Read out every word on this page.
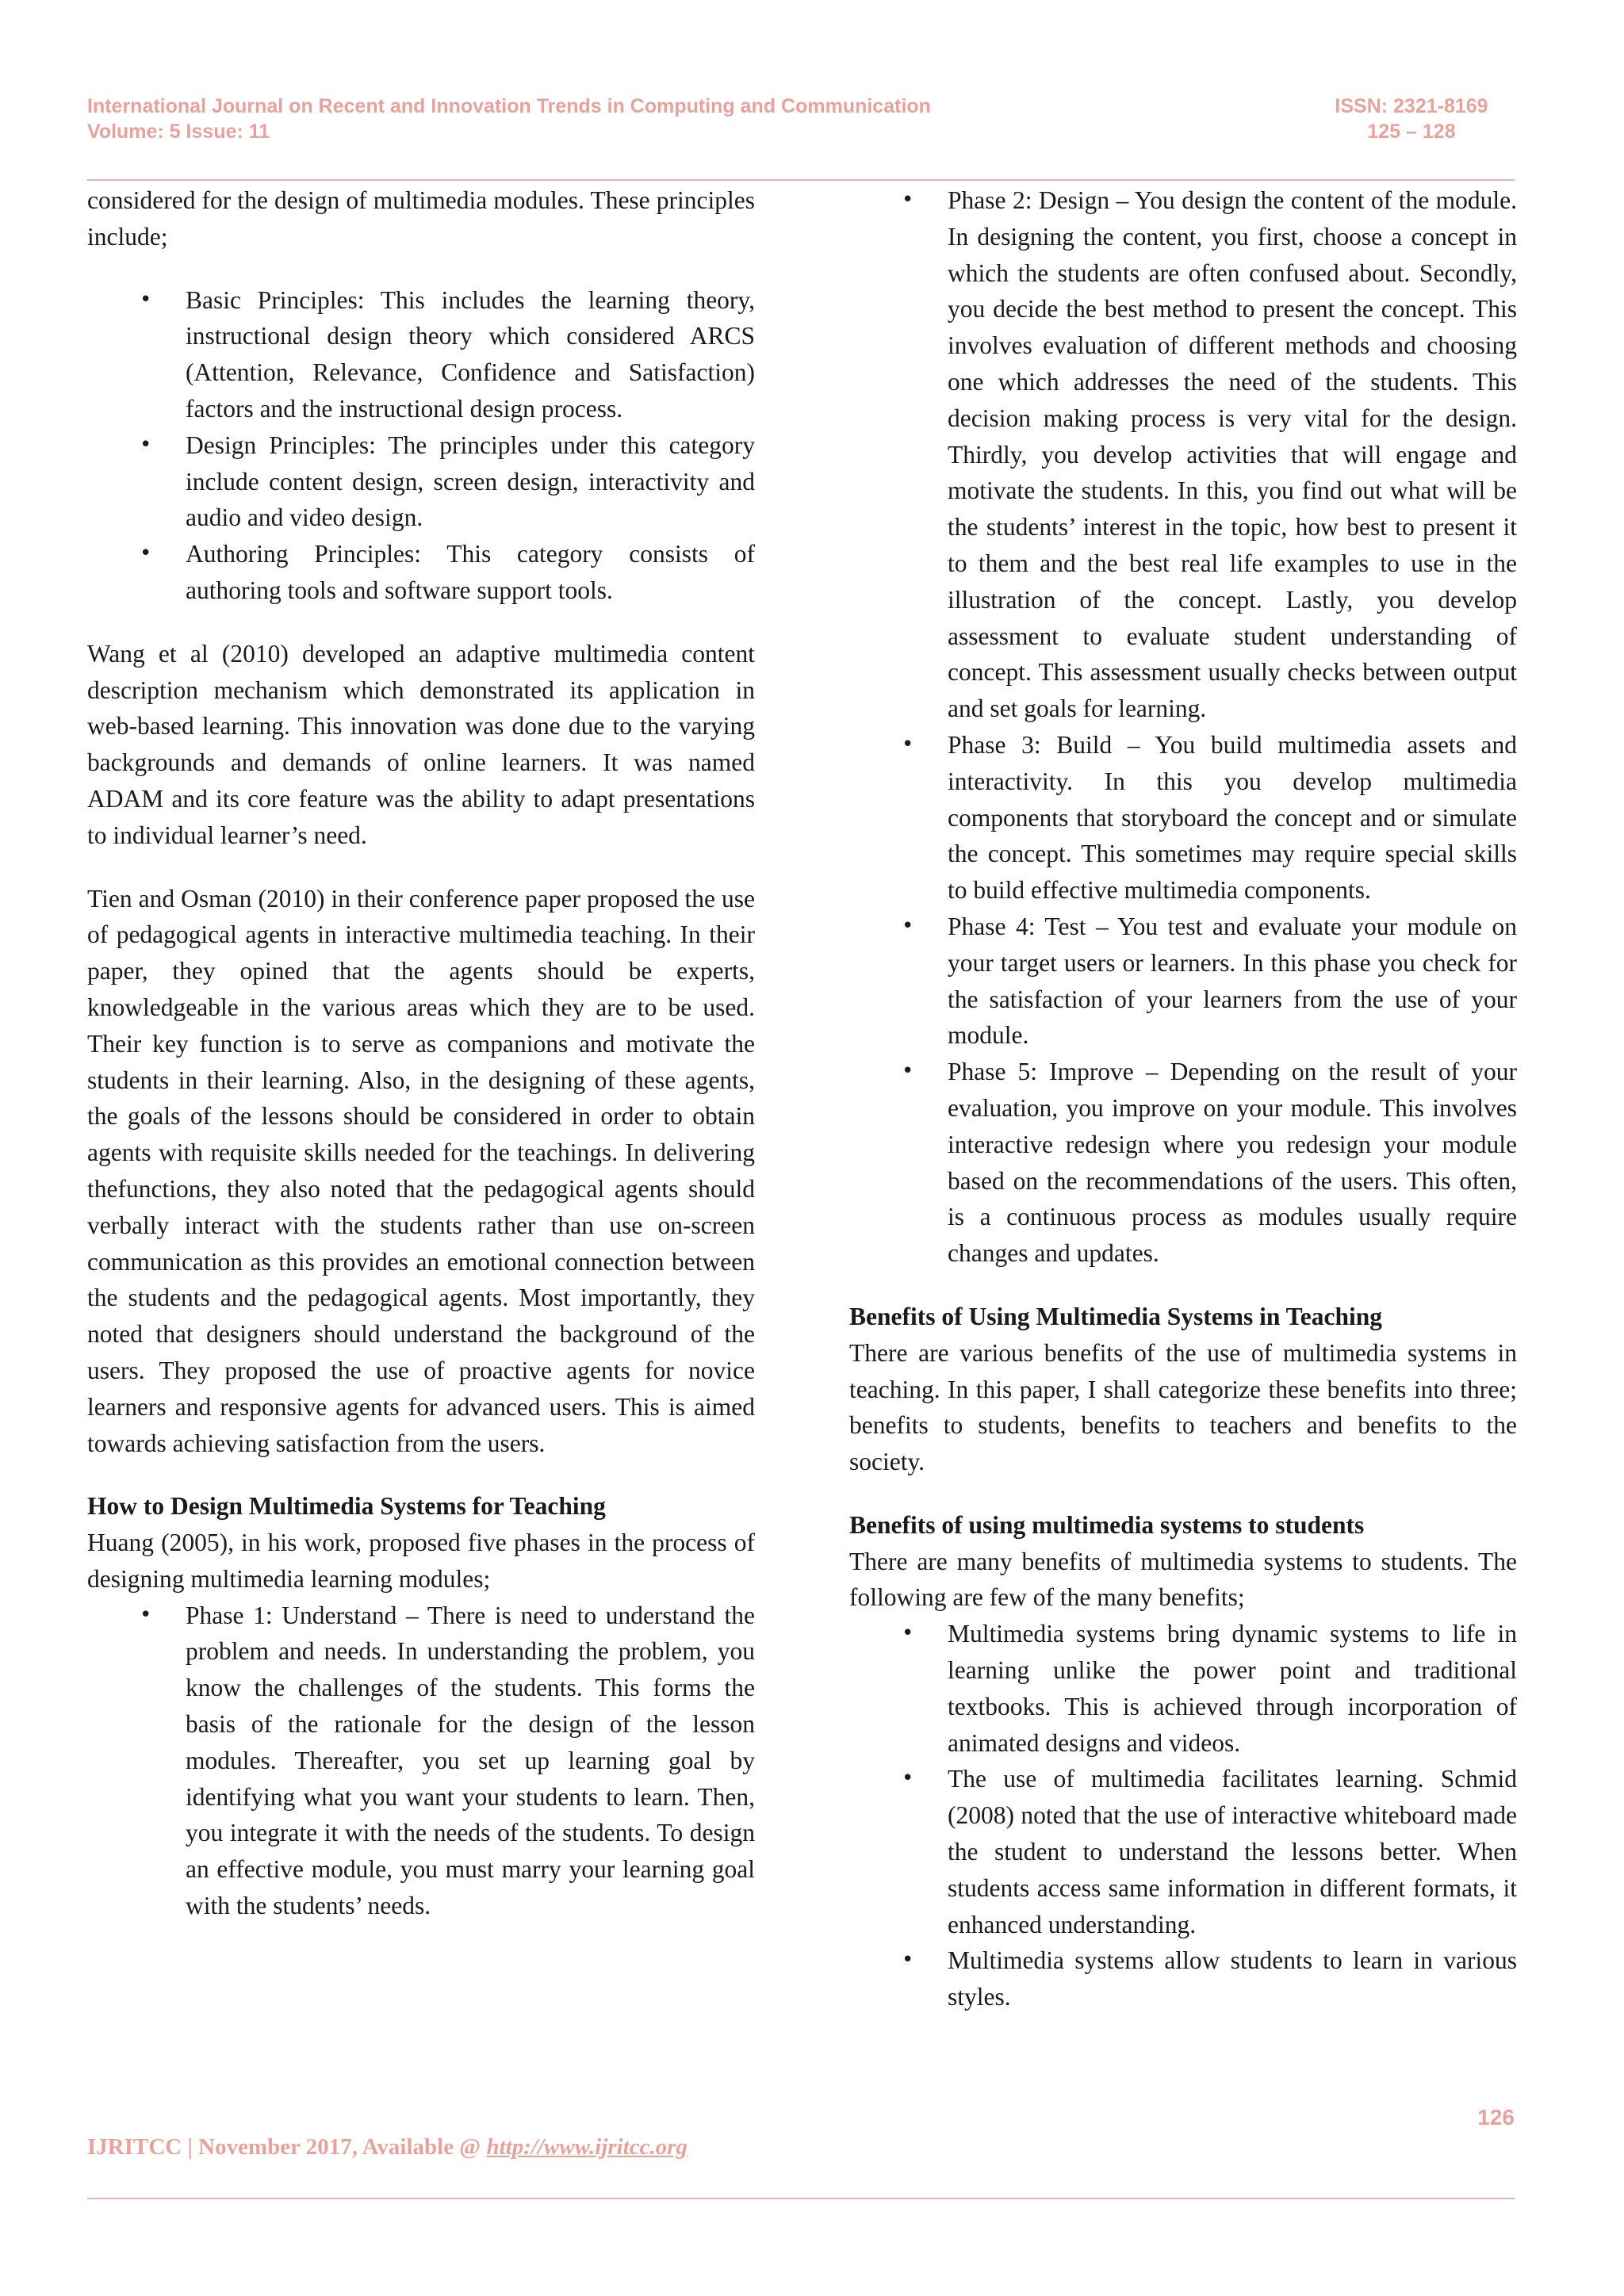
International Journal on Recent and Innovation Trends in Computing and Communication	ISSN: 2321-8169
Volume: 5 Issue: 11	125 – 128

considered for the design of multimedia modules. These principles include;

• Basic Principles: This includes the learning theory, instructional design theory which considered ARCS (Attention, Relevance, Confidence and Satisfaction) factors and the instructional design process.
• Design Principles: The principles under this category include content design, screen design, interactivity and audio and video design.
• Authoring Principles: This category consists of authoring tools and software support tools.

Wang et al (2010) developed an adaptive multimedia content description mechanism which demonstrated its application in web-based learning. This innovation was done due to the varying backgrounds and demands of online learners. It was named ADAM and its core feature was the ability to adapt presentations to individual learner’s need.

Tien and Osman (2010) in their conference paper proposed the use of pedagogical agents in interactive multimedia teaching. In their paper, they opined that the agents should be experts, knowledgeable in the various areas which they are to be used. Their key function is to serve as companions and motivate the students in their learning. Also, in the designing of these agents, the goals of the lessons should be considered in order to obtain agents with requisite skills needed for the teachings. In delivering thefunctions, they also noted that the pedagogical agents should verbally interact with the students rather than use on-screen communication as this provides an emotional connection between the students and the pedagogical agents. Most importantly, they noted that designers should understand the background of the users. They proposed the use of proactive agents for novice learners and responsive agents for advanced users. This is aimed towards achieving satisfaction from the users.

How to Design Multimedia Systems for Teaching

Huang (2005), in his work, proposed five phases in the process of designing multimedia learning modules;

• Phase 1: Understand – There is need to understand the problem and needs. In understanding the problem, you know the challenges of the students. This forms the basis of the rationale for the design of the lesson modules. Thereafter, you set up learning goal by identifying what you want your students to learn. Then, you integrate it with the needs of the students. To design an effective module, you must marry your learning goal with the students’ needs.
• Phase 2: Design – You design the content of the module. In designing the content, you first, choose a concept in which the students are often confused about. Secondly, you decide the best method to present the concept. This involves evaluation of different methods and choosing one which addresses the need of the students. This decision making process is very vital for the design. Thirdly, you develop activities that will engage and motivate the students. In this, you find out what will be the students’ interest in the topic, how best to present it to them and the best real life examples to use in the illustration of the concept. Lastly, you develop assessment to evaluate student understanding of concept. This assessment usually checks between output and set goals for learning.
• Phase 3: Build – You build multimedia assets and interactivity. In this you develop multimedia components that storyboard the concept and or simulate the concept. This sometimes may require special skills to build effective multimedia components.
• Phase 4: Test – You test and evaluate your module on your target users or learners. In this phase you check for the satisfaction of your learners from the use of your module.
• Phase 5: Improve – Depending on the result of your evaluation, you improve on your module. This involves interactive redesign where you redesign your module based on the recommendations of the users. This often, is a continuous process as modules usually require changes and updates.
Benefits of Using Multimedia Systems in Teaching

There are various benefits of the use of multimedia systems in teaching. In this paper, I shall categorize these benefits into three; benefits to students, benefits to teachers and benefits to the society.

Benefits of using multimedia systems to students

There are many benefits of multimedia systems to students. The following are few of the many benefits;

• Multimedia systems bring dynamic systems to life in learning unlike the power point and traditional textbooks. This is achieved through incorporation of animated designs and videos.
• The use of multimedia facilitates learning. Schmid (2008) noted that the use of interactive whiteboard made the student to understand the lessons better. When students access same information in different formats, it enhanced understanding.
• Multimedia systems allow students to learn in various styles.
126
IJRITCC | November 2017, Available @ http://www.ijritcc.org
